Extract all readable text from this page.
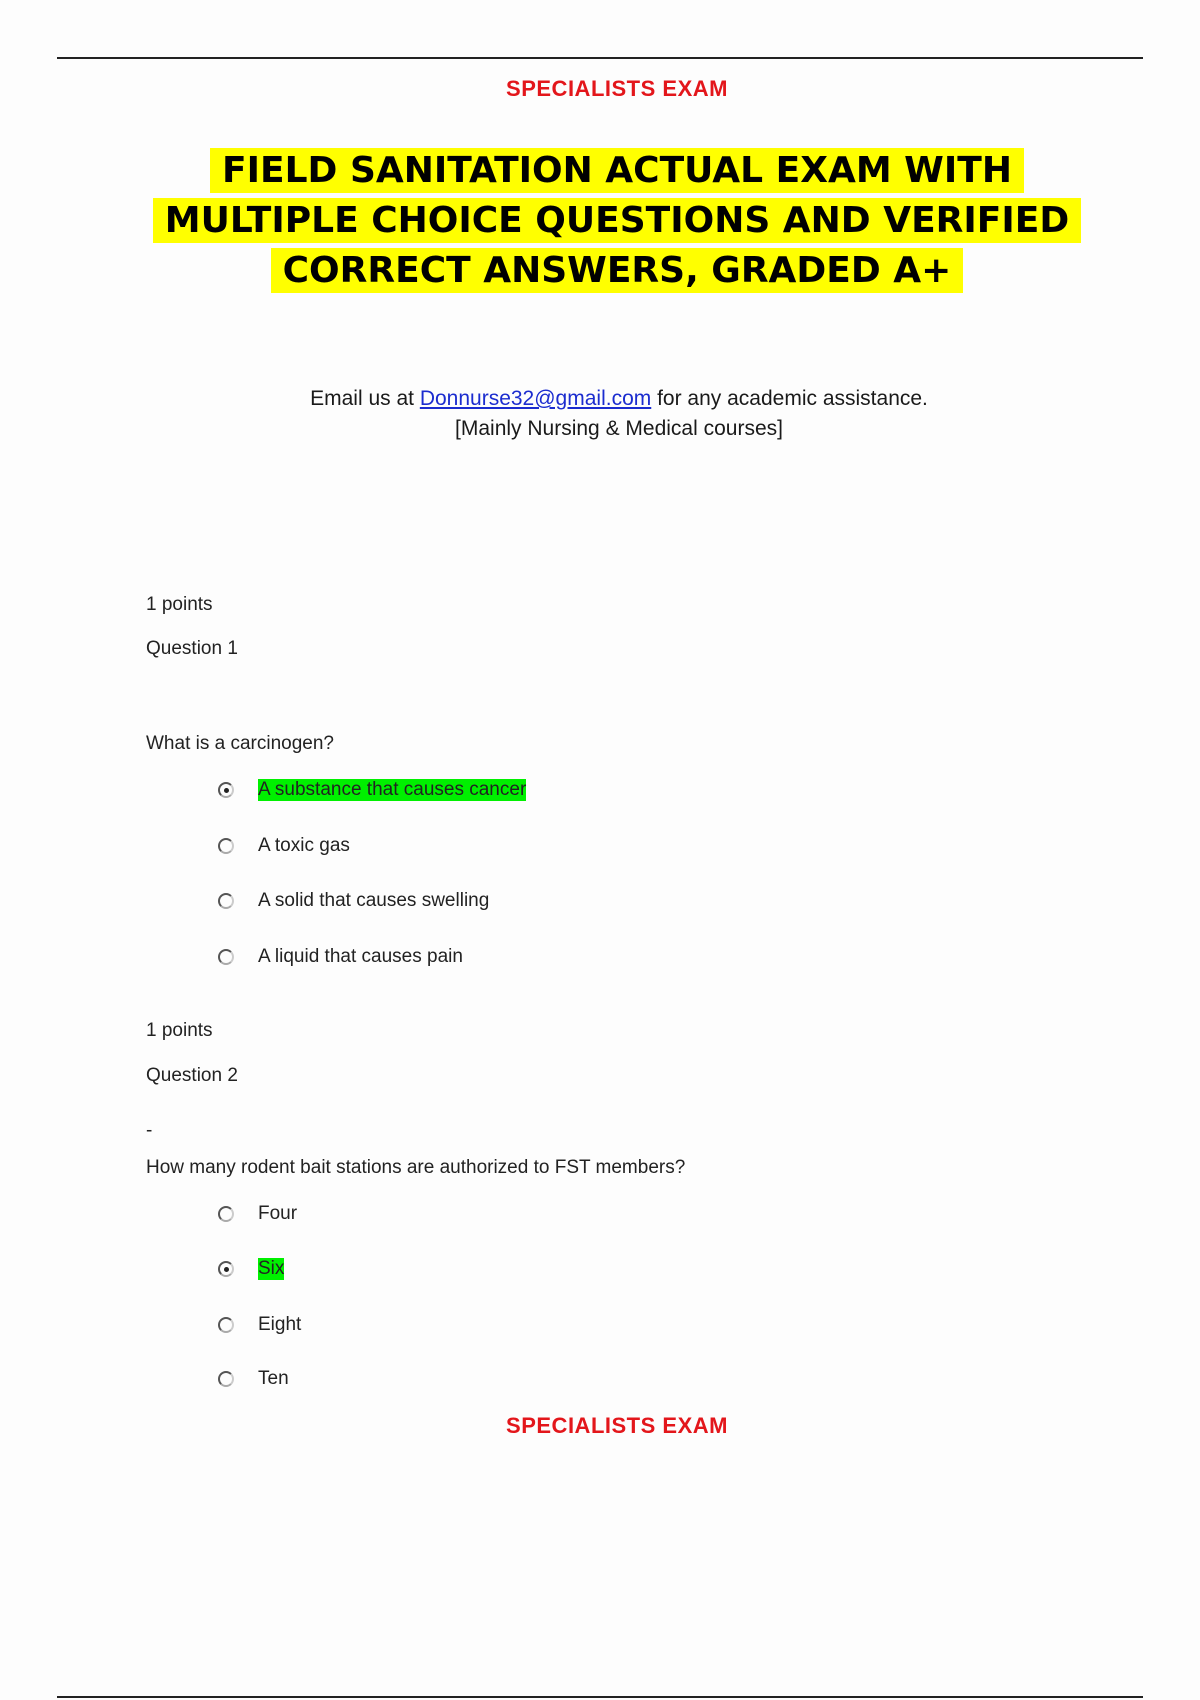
SPECIALISTS EXAM
FIELD SANITATION ACTUAL EXAM WITH
MULTIPLE CHOICE QUESTIONS AND VERIFIED
CORRECT ANSWERS, GRADED A+
Email us at Donnurse32@gmail.com for any academic assistance.
[Mainly Nursing & Medical courses]
1 points
Question 1
What is a carcinogen?
A substance that causes cancer
A toxic gas
A solid that causes swelling
A liquid that causes pain
1 points
Question 2
-
How many rodent bait stations are authorized to FST members?
Four
Six
Eight
Ten
SPECIALISTS EXAM
